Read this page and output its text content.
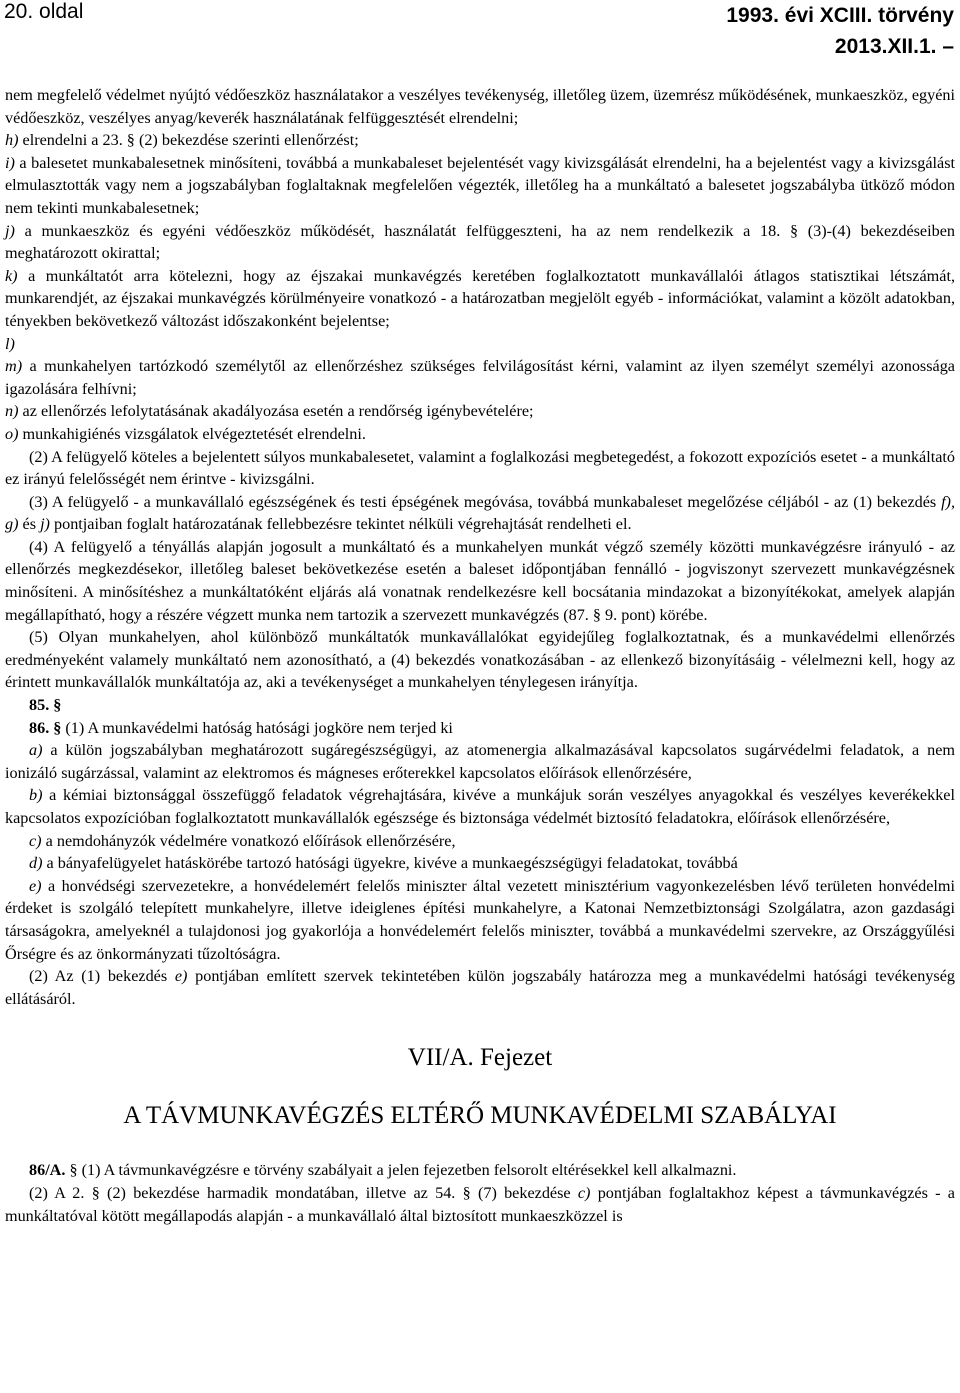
20. oldal	1993. évi XCIII. törvény
2013.XII.1. –

nem megfelelő védelmet nyújtó védőeszköz használatakor a veszélyes tevékenység, illetőleg üzem, üzemrész működésének, munkaeszköz, egyéni védőeszköz, veszélyes anyag/keverék használatának felfüggesztését elrendelni;

h) elrendelni a 23. § (2) bekezdése szerinti ellenőrzést;

i) a balesetet munkabalesetnek minősíteni, továbbá a munkabaleset bejelentését vagy kivizsgálását elrendelni, ha a bejelentést vagy a kivizsgálást elmulasztották vagy nem a jogszabályban foglaltaknak megfelelően végezték, illetőleg ha a munkáltató a balesetet jogszabályba ütköző módon nem tekinti munkabalesetnek;

j) a munkaeszköz és egyéni védőeszköz működését, használatát felfüggeszteni, ha az nem rendelkezik a 18. § (3)-(4) bekezdéseiben meghatározott okirattal;

k) a munkáltatót arra kötelezni, hogy az éjszakai munkavégzés keretében foglalkoztatott munkavállalói átlagos statisztikai létszámát, munkarendjét, az éjszakai munkavégzés körülményeire vonatkozó - a határozatban megjelölt egyéb - információkat, valamint a közölt adatokban, tényekben bekövetkező változást időszakonként bejelentse;

l)

m) a munkahelyen tartózkodó személytől az ellenőrzéshez szükséges felvilágosítást kérni, valamint az ilyen személyt személyi azonossága igazolására felhívni;

n) az ellenőrzés lefolytatásának akadályozása esetén a rendőrség igénybevételére;

o) munkahigiénés vizsgálatok elvégeztetését elrendelni.

(2) A felügyelő köteles a bejelentett súlyos munkabalesetet, valamint a foglalkozási megbetegedést, a fokozott expozíciós esetet - a munkáltató ez irányú felelősségét nem érintve - kivizsgálni.

(3) A felügyelő - a munkavállaló egészségének és testi épségének megóvása, továbbá munkabaleset megelőzése céljából - az (1) bekezdés f), g) és j) pontjaiban foglalt határozatának fellebbezésre tekintet nélküli végrehajtását rendelheti el.

(4) A felügyelő a tényállás alapján jogosult a munkáltató és a munkahelyen munkát végző személy közötti munkavégzésre irányuló - az ellenőrzés megkezdésekor, illetőleg baleset bekövetkezése esetén a baleset időpontjában fennálló - jogviszonyt szervezett munkavégzésnek minősíteni. A minősítéshez a munkáltatóként eljárás alá vonatnak rendelkezésre kell bocsátania mindazokat a bizonyítékokat, amelyek alapján megállapítható, hogy a részére végzett munka nem tartozik a szervezett munkavégzés (87. § 9. pont) körébe.

(5) Olyan munkahelyen, ahol különböző munkáltatók munkavállalókat egyidejűleg foglalkoztatnak, és a munkavédelmi ellenőrzés eredményeként valamely munkáltató nem azonosítható, a (4) bekezdés vonatkozásában - az ellenkező bizonyításáig - vélelmezni kell, hogy az érintett munkavállalók munkáltatója az, aki a tevékenységet a munkahelyen ténylegesen irányítja.

85. §

86. § (1) A munkavédelmi hatóság hatósági jogköre nem terjed ki

a) a külön jogszabályban meghatározott sugáregészségügyi, az atomenergia alkalmazásával kapcsolatos sugárvédelmi feladatok, a nem ionizáló sugárzással, valamint az elektromos és mágneses erőterekkel kapcsolatos előírások ellenőrzésére,

b) a kémiai biztonsággal összefüggő feladatok végrehajtására, kivéve a munkájuk során veszélyes anyagokkal és veszélyes keverékekkel kapcsolatos expozícióban foglalkoztatott munkavállalók egészsége és biztonsága védelmét biztosító feladatokra, előírások ellenőrzésére,

c) a nemdohányzók védelmére vonatkozó előírások ellenőrzésére,

d) a bányafelügyelet hatáskörébe tartozó hatósági ügyekre, kivéve a munkaegészségügyi feladatokat, továbbá

e) a honvédségi szervezetekre, a honvédelemért felelős miniszter által vezetett minisztérium vagyonkezelésben lévő területen honvédelmi érdeket is szolgáló telepített munkahelyre, illetve ideiglenes építési munkahelyre, a Katonai Nemzetbiztonsági Szolgálatra, azon gazdasági társaságokra, amelyeknél a tulajdonosi jog gyakorlója a honvédelemért felelős miniszter, továbbá a munkavédelmi szervekre, az Országgyűlési Őrségre és az önkormányzati tűzoltóságra.

(2) Az (1) bekezdés e) pontjában említett szervek tekintetében külön jogszabály határozza meg a munkavédelmi hatósági tevékenység ellátásáról.

VII/A. Fejezet

A TÁVMUNKAVÉGZÉS ELTÉRŐ MUNKAVÉDELMI SZABÁLYAI

86/A. § (1) A távmunkavégzésre e törvény szabályait a jelen fejezetben felsorolt eltérésekkel kell alkalmazni.

(2) A 2. § (2) bekezdése harmadik mondatában, illetve az 54. § (7) bekezdése c) pontjában foglaltakhoz képest a távmunkavégzés - a munkáltatóval kötött megállapodás alapján - a munkavállaló által biztosított munkaeszközzel is
